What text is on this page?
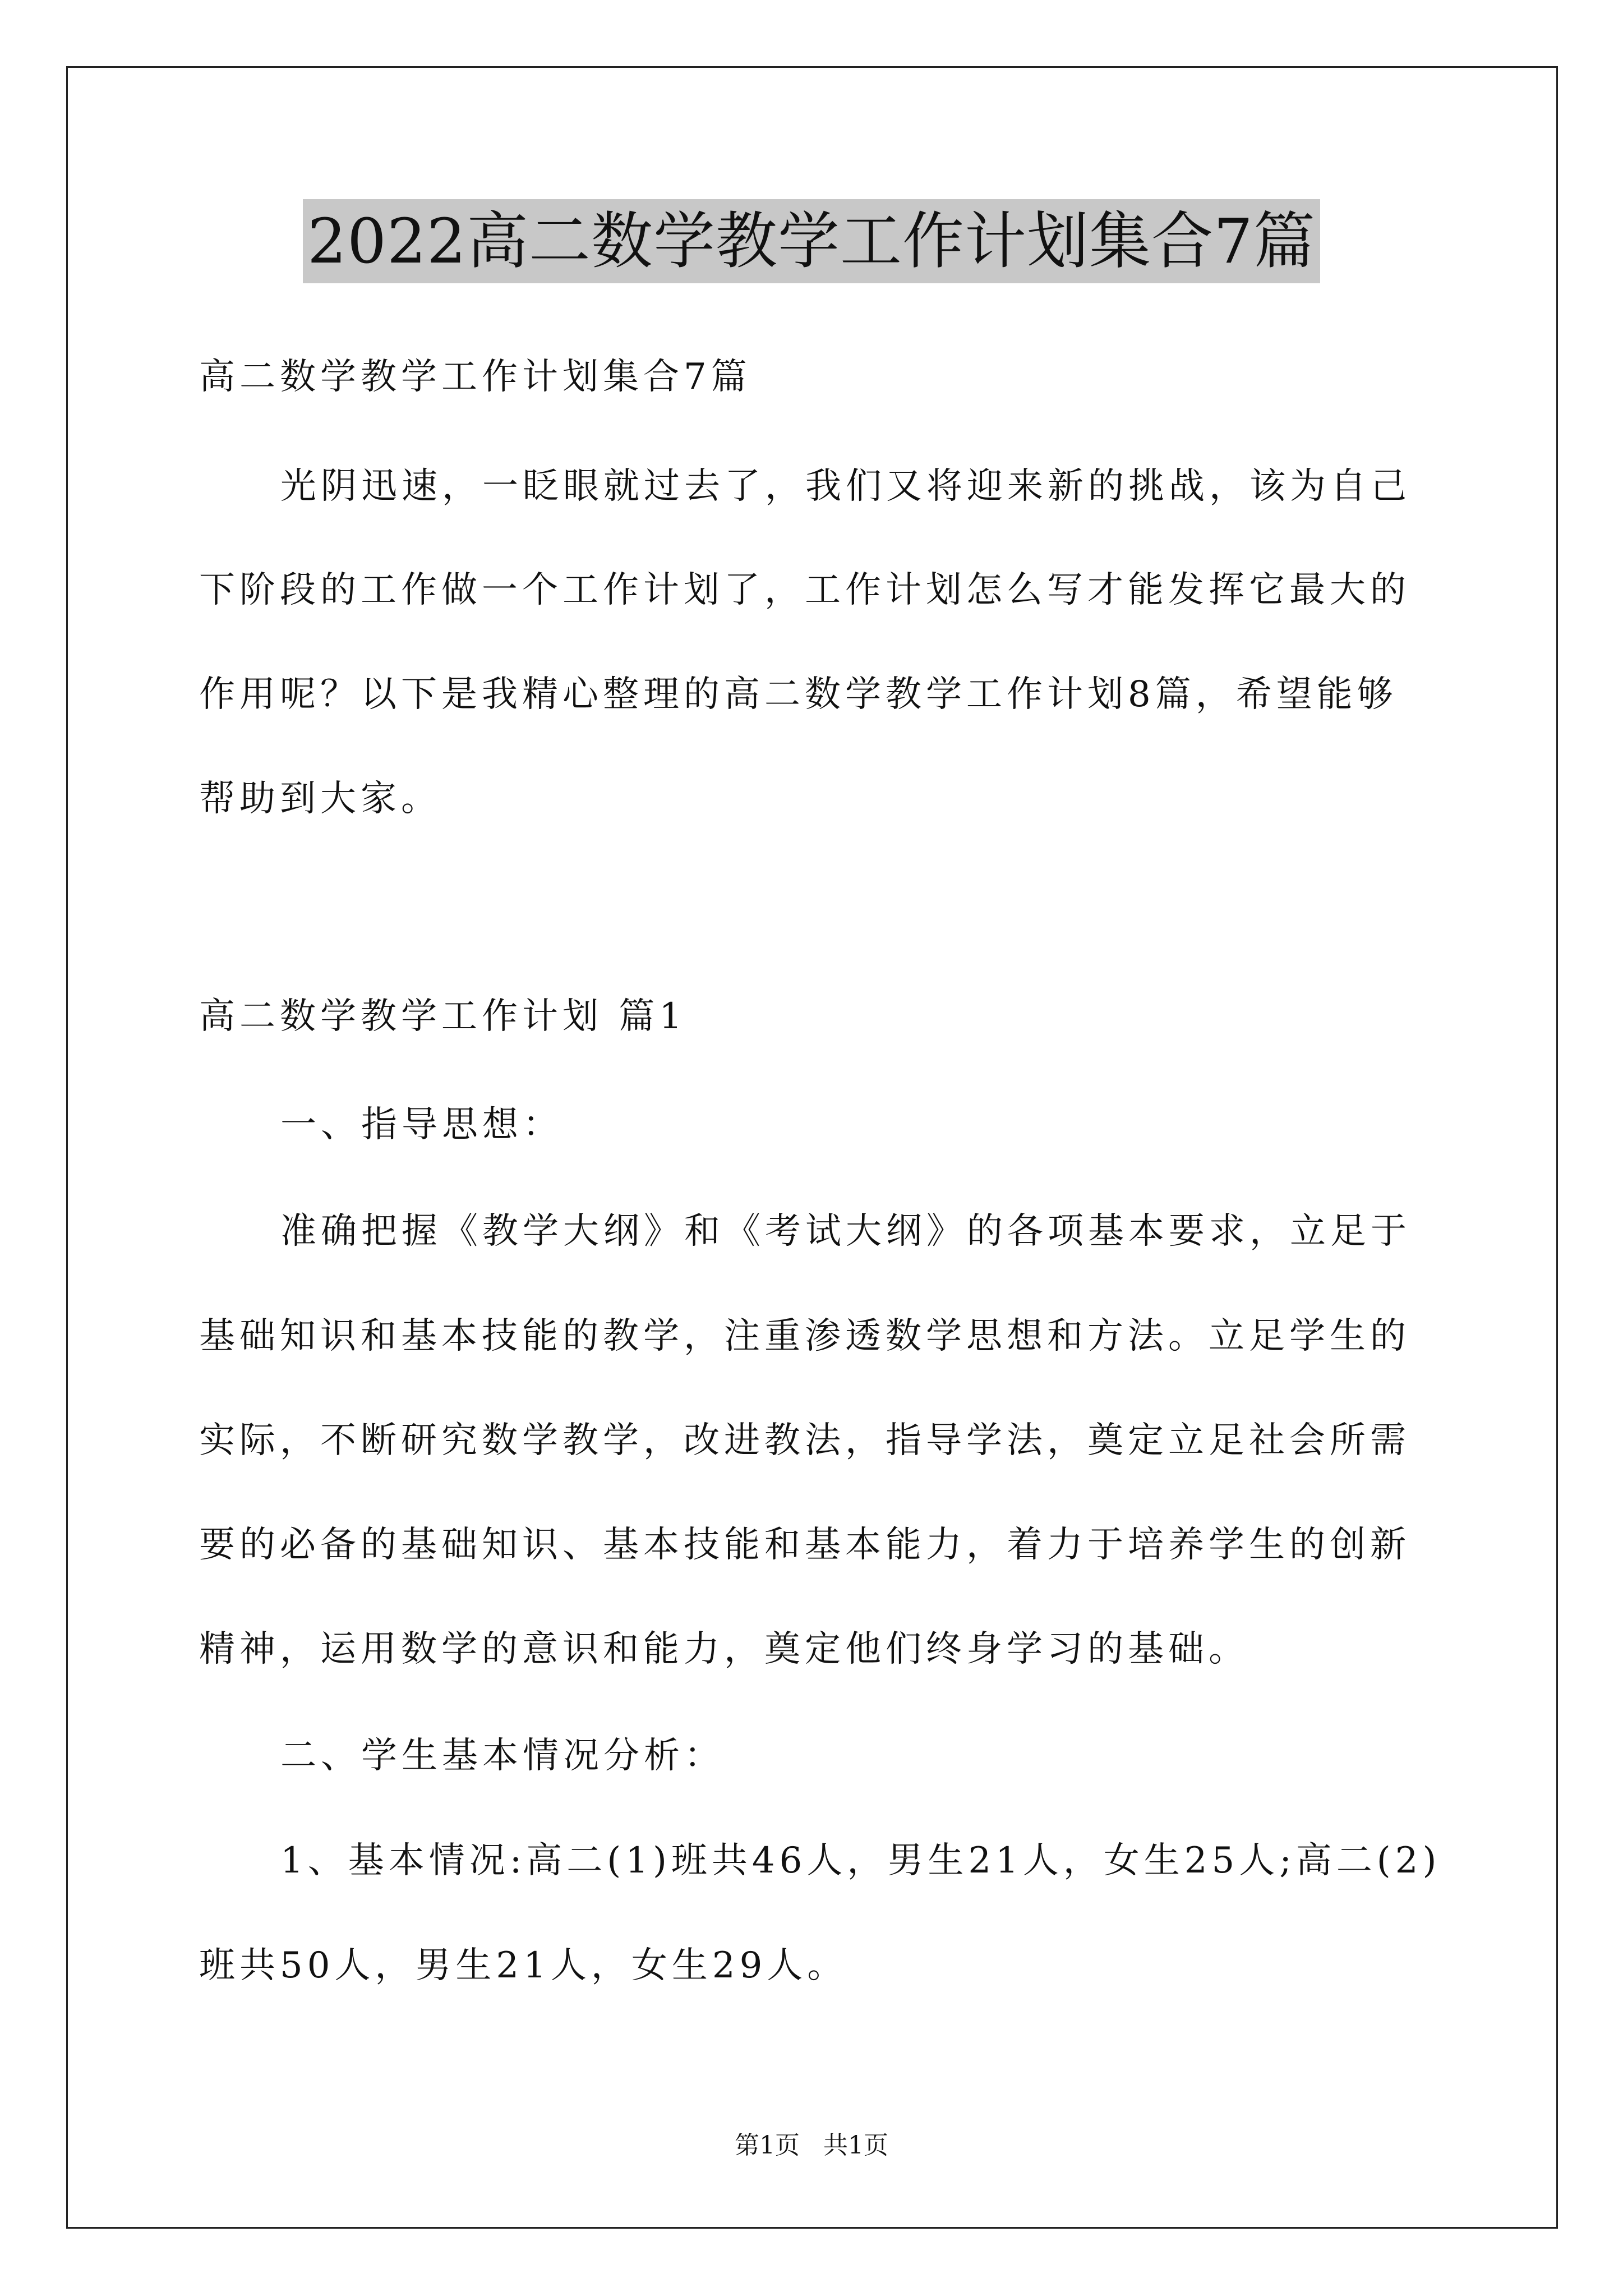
2022高二数学教学工作计划集合7篇
高二数学教学工作计划集合7篇
光阴迅速，一眨眼就过去了，我们又将迎来新的挑战，该为自己
下阶段的工作做一个工作计划了，工作计划怎么写才能发挥它最大的
作用呢？以下是我精心整理的高二数学教学工作计划8篇，希望能够
帮助到大家。
高二数学教学工作计划 篇1
一、指导思想：
准确把握《教学大纲》和《考试大纲》的各项基本要求，立足于
基础知识和基本技能的教学，注重渗透数学思想和方法。立足学生的
实际，不断研究数学教学，改进教法，指导学法，奠定立足社会所需
要的必备的基础知识、基本技能和基本能力，着力于培养学生的创新
精神，运用数学的意识和能力，奠定他们终身学习的基础。
二、学生基本情况分析：
1、基本情况:高二(1)班共46人，男生21人，女生25人;高二(2)
班共50人，男生21人，女生29人。
第1页   共1页
